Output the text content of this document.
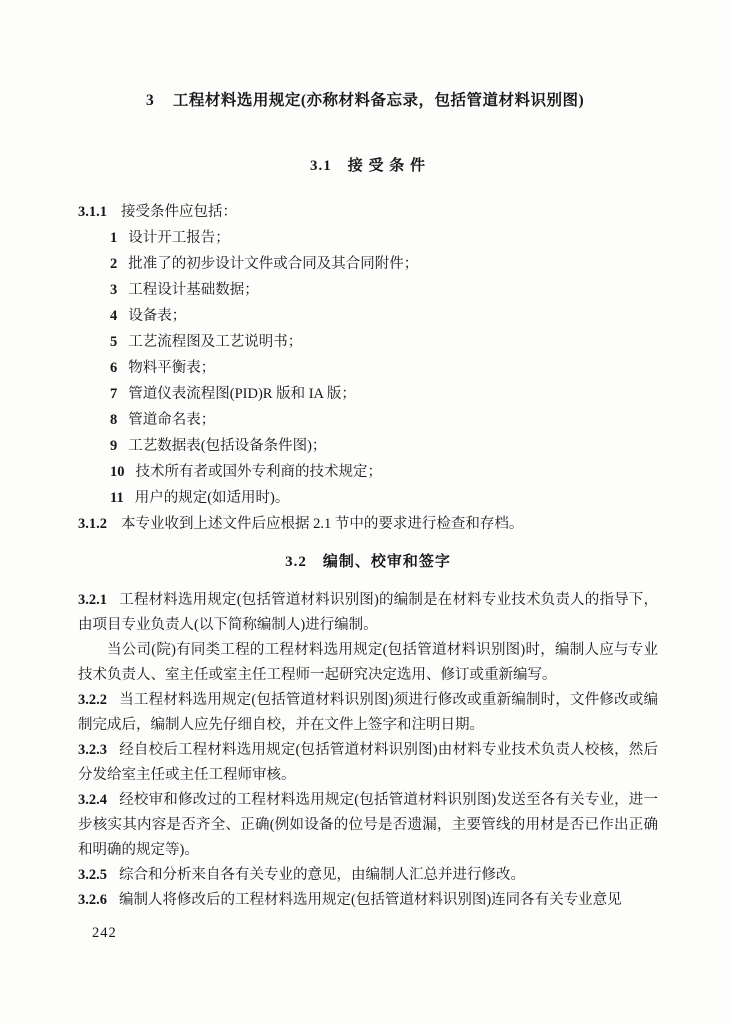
3 工程材料选用规定(亦称材料备忘录，包括管道材料识别图)
3.1　接 受 条 件

3.1.1 接受条件应包括：

1 设计开工报告；
2 批准了的初步设计文件或合同及其合同附件；
3 工程设计基础数据；
4 设备表；
5 工艺流程图及工艺说明书；
6 物料平衡表；
7 管道仪表流程图(PID)R 版和 IA 版；
8 管道命名表；
9 工艺数据表(包括设备条件图)；
10 技术所有者或国外专利商的技术规定；
11 用户的规定(如适用时)。

3.1.2 本专业收到上述文件后应根据 2.1 节中的要求进行检查和存档。

3.2　编制、校审和签字

3.2.1 工程材料选用规定(包括管道材料识别图)的编制是在材料专业技术负责人的指导下，由项目专业负责人(以下简称编制人)进行编制。

当公司(院)有同类工程的工程材料选用规定(包括管道材料识别图)时，编制人应与专业技术负责人、室主任或室主任工程师一起研究决定选用、修订或重新编写。

3.2.2 当工程材料选用规定(包括管道材料识别图)须进行修改或重新编制时，文件修改或编制完成后，编制人应先仔细自校，并在文件上签字和注明日期。

3.2.3 经自校后工程材料选用规定(包括管道材料识别图)由材料专业技术负责人校核，然后分发给室主任或主任工程师审核。

3.2.4 经校审和修改过的工程材料选用规定(包括管道材料识别图)发送至各有关专业，进一步核实其内容是否齐全、正确(例如设备的位号是否遗漏，主要管线的用材是否已作出正确和明确的规定等)。

3.2.5 综合和分析来自各有关专业的意见，由编制人汇总并进行修改。

3.2.6 编制人将修改后的工程材料选用规定(包括管道材料识别图)连同各有关专业意见

242
